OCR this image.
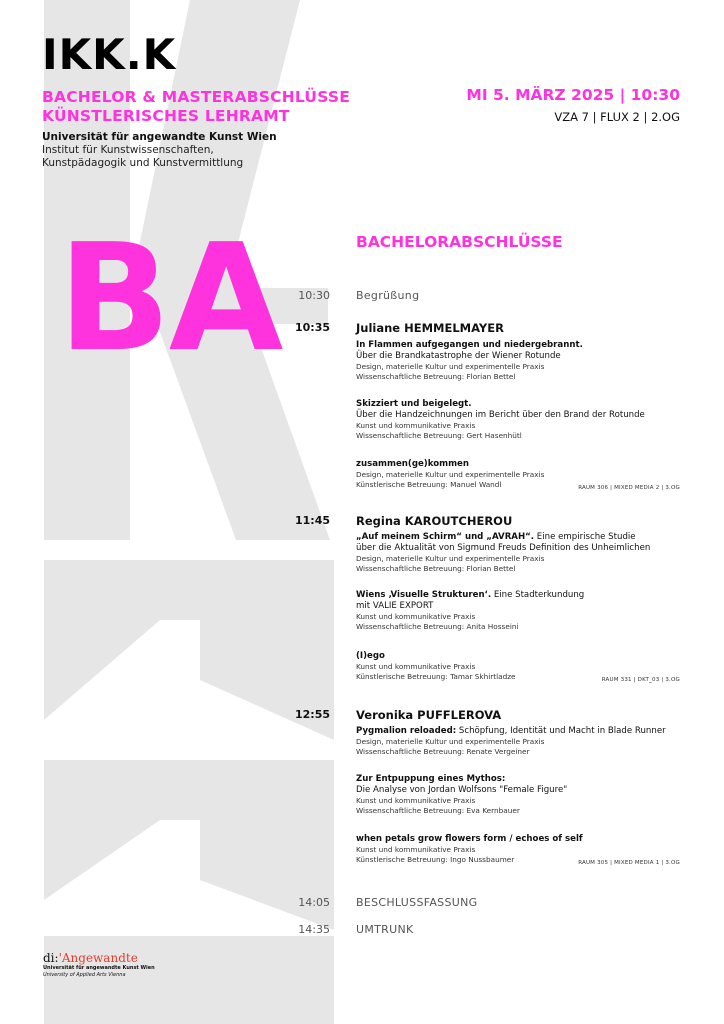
IKK.K
BACHELOR & MASTERABSCHLÜSSE
KÜNSTLERISCHES LEHRAMT
Universität für angewandte Kunst Wien
Institut für Kunstwissenschaften,
Kunstpädagogik und Kunstvermittlung
MI 5. MÄRZ 2025 | 10:30
VZA 7 | FLUX 2 | 2.OG
BA	BACHELORABSCHLÜSSE
10:30 Begrüßung
10:35 Juliane HEMMELMAYER
In Flammen aufgegangen und niedergebrannt.
Über die Brandkatastrophe der Wiener Rotunde
Design, materielle Kultur und experimentelle Praxis
Wissenschaftliche Betreuung: Florian Bettel
Skizziert und beigelegt.
Über die Handzeichnungen im Bericht über den Brand der Rotunde
Kunst und kommunikative Praxis
Wissenschaftliche Betreuung: Gert Hasenhütl
zusammen(ge)kommen
Design, materielle Kultur und experimentelle Praxis
Künstlerische Betreuung: Manuel Wandl	RAUM 306 | MIXED MEDIA 2 | 3.OG
11:45 Regina KAROUTCHEROU
„Auf meinem Schirm“ und „AVRAH“. Eine empirische Studie
über die Aktualität von Sigmund Freuds Definition des Unheimlichen
Design, materielle Kultur und experimentelle Praxis
Wissenschaftliche Betreuung: Florian Bettel
Wiens ‚Visuelle Strukturen‘. Eine Stadterkundung
mit VALIE EXPORT
Kunst und kommunikative Praxis
Wissenschaftliche Betreuung: Anita Hosseini
(I)ego
Kunst und kommunikative Praxis
Künstlerische Betreuung: Tamar Skhirtladze	RAUM 331 | DKT_03 | 3.OG
12:55 Veronika PUFFLEROVA
Pygmalion reloaded: Schöpfung, Identität und Macht in Blade Runner
Design, materielle Kultur und experimentelle Praxis
Wissenschaftliche Betreuung: Renate Vergeiner
Zur Entpuppung eines Mythos:
Die Analyse von Jordan Wolfsons "Female Figure"
Kunst und kommunikative Praxis
Wissenschaftliche Betreuung: Eva Kernbauer
when petals grow flowers form / echoes of self
Kunst und kommunikative Praxis
Künstlerische Betreuung: Ingo Nussbaumer	RAUM 305 | MIXED MEDIA 1 | 3.OG
14:05 BESCHLUSSFASSUNG
14:35 UMTRUNK
di:'Angewandte
Universität für angewandte Kunst Wien
University of Applied Arts Vienna
